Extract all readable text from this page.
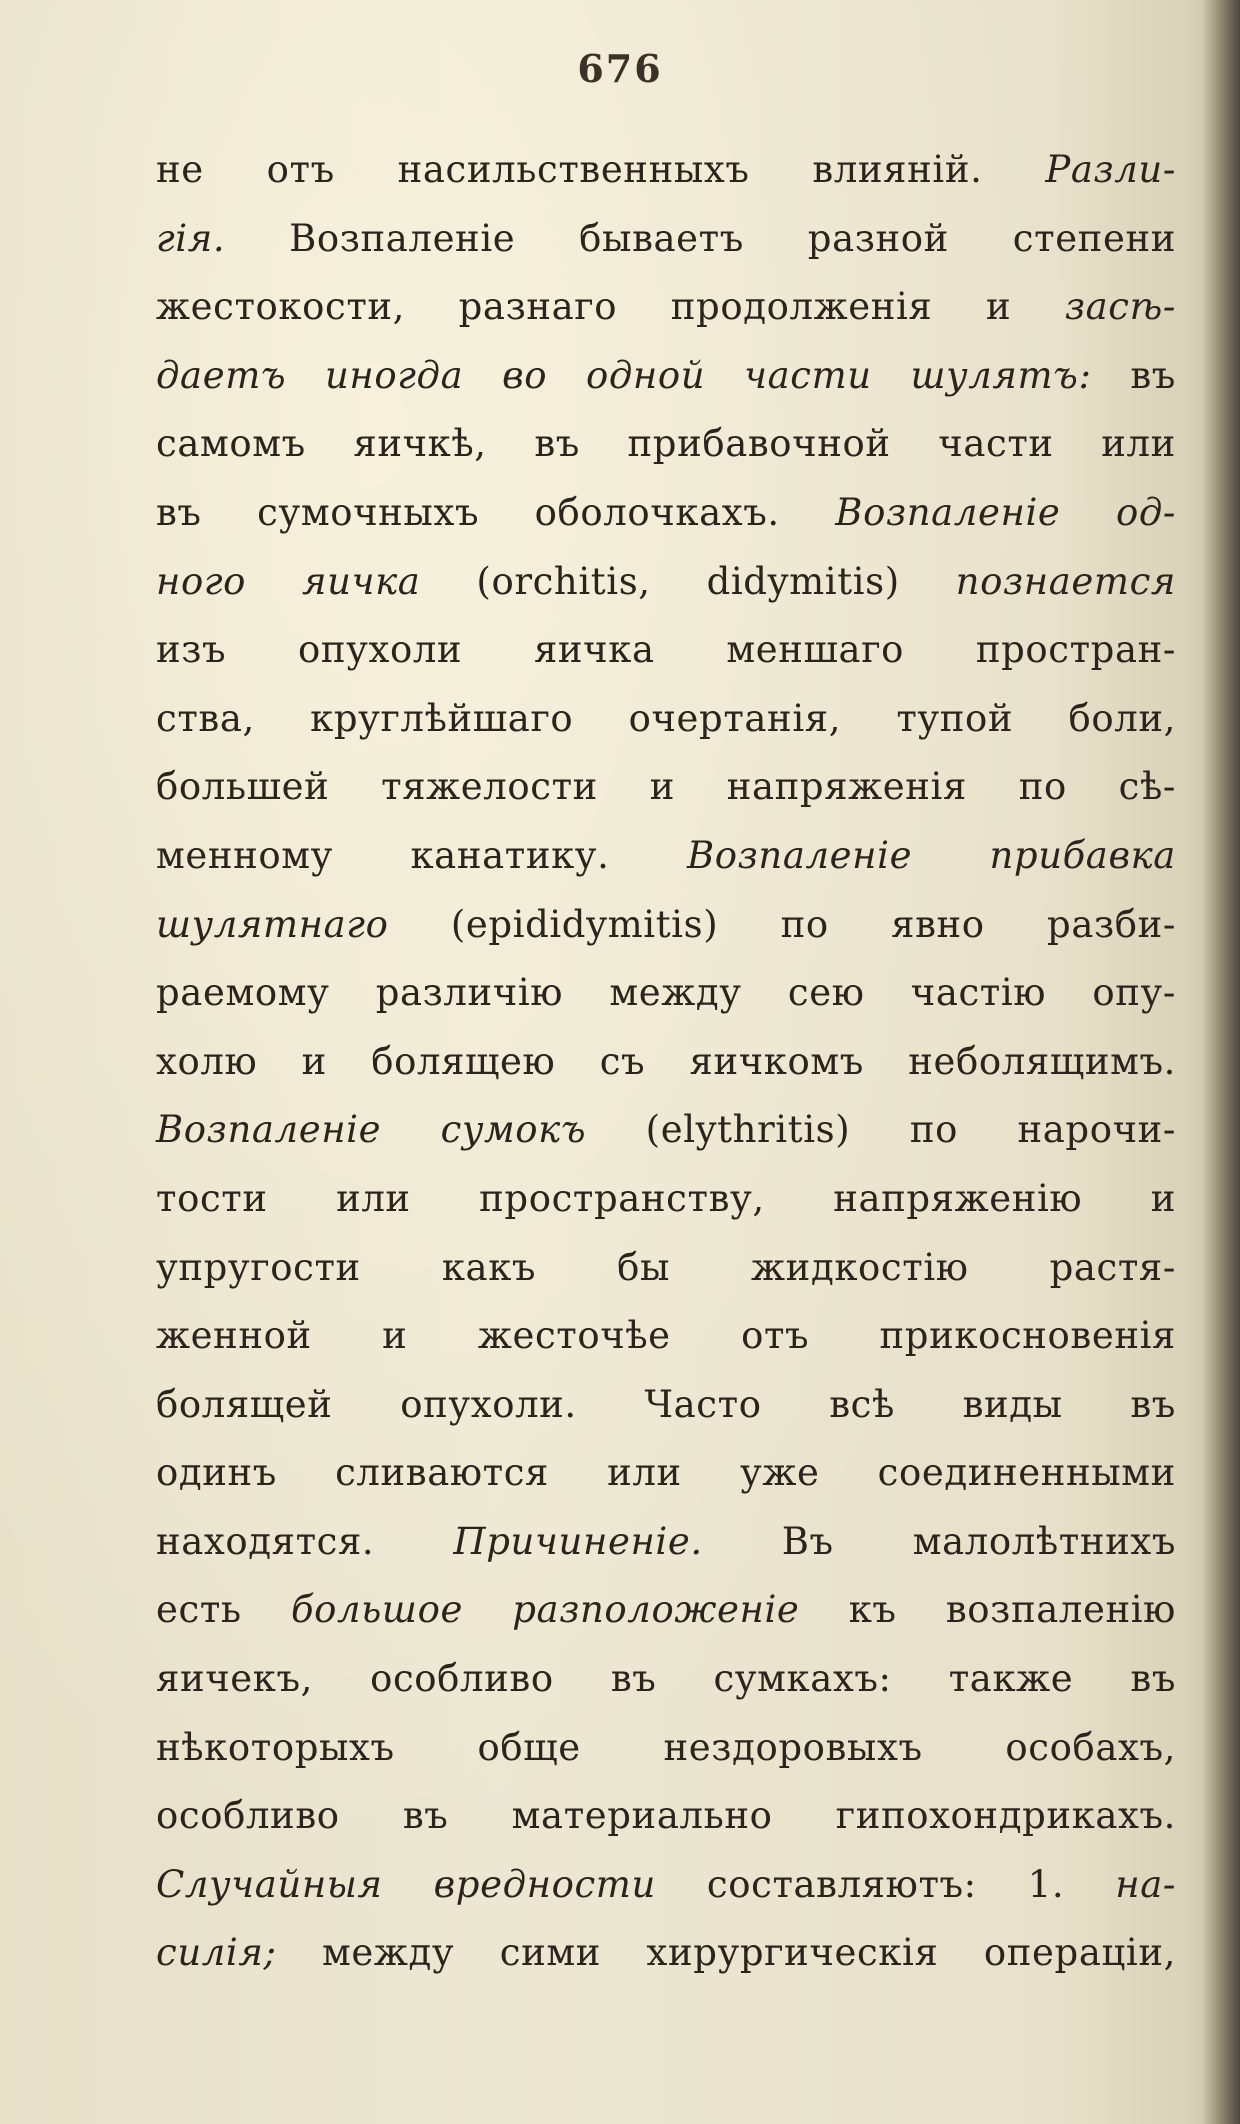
676
не отъ насильственныхъ влияній. Разли-
гія. Возпаленіе бываетъ разной степени
жестокости, разнаго продолженія и засѣ-
даетъ иногда во одной части шулятъ: въ
самомъ яичкѣ, въ прибавочной части или
въ сумочныхъ оболочкахъ. Возпаленіе од-
ного яичка (orchitis, didymitis) познается
изъ опухоли яичка меншаго простран-
ства, круглѣйшаго очертанія, тупой боли,
большей тяжелости и напряженія по сѣ-
менному канатику. Возпаленіе прибавка
шулятнаго (epididymitis) по явно разби-
раемому различію между сею частію опу-
холю и болящею съ яичкомъ неболящимъ.
Возпаленіе сумокъ (elythritis) по нарочи-
тости или пространству, напряженію и
упругости какъ бы жидкостію растя-
женной и жесточѣе отъ прикосновенія
болящей опухоли. Часто всѣ виды въ
одинъ сливаются или уже соединенными
находятся. Причиненіе. Въ малолѣтнихъ
есть большое разположеніе къ возпаленію
яичекъ, особливо въ сумкахъ: также въ
нѣкоторыхъ обще нездоровыхъ особахъ,
особливо въ материально гипохондрикахъ.
Случайныя вредности составляютъ: 1. на-
силія; между сими хирургическія операціи,
